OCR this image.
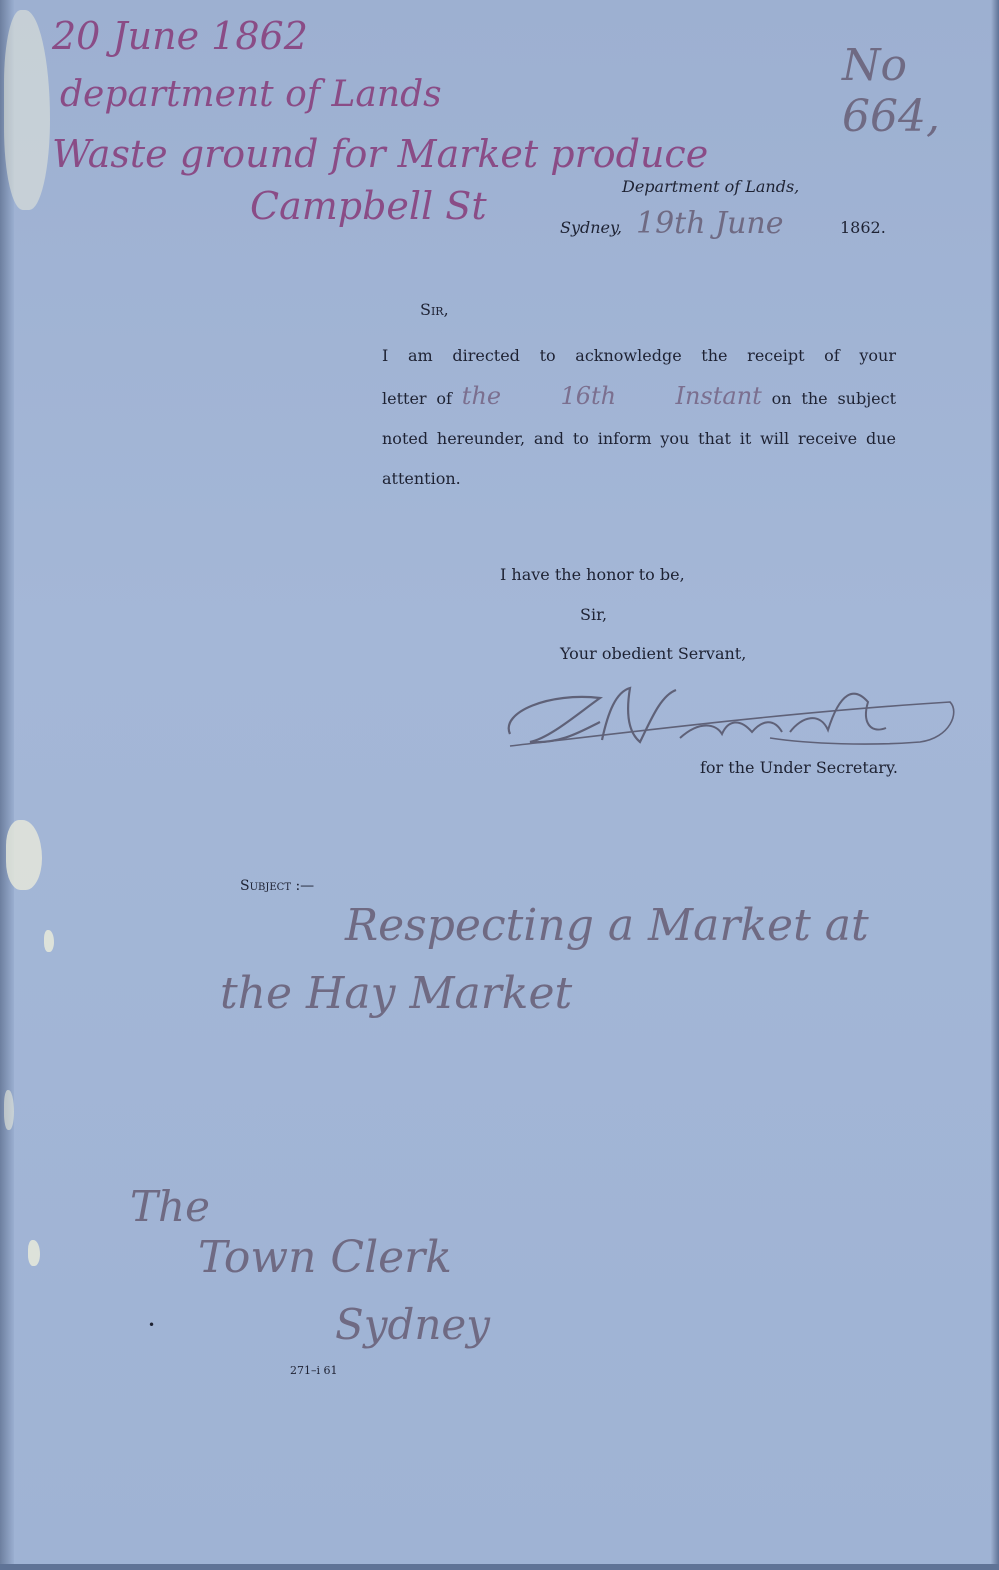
20 June 1862
department of Lands
Waste ground for Market produce
Campbell St
No 664,
Department of Lands,
Sydney, 19th June	1862.
Sir,

I am directed to acknowledge the receipt of your

letter of the 16th Instant on the subject

noted hereunder, and to inform you that it will receive due

attention.

I have the honor to be,
Sir,
Your obedient Servant,
for the Under Secretary.
Subject :—
Respecting a Market at
the Hay Market
The
Town Clerk
Sydney
•
271–i 61
